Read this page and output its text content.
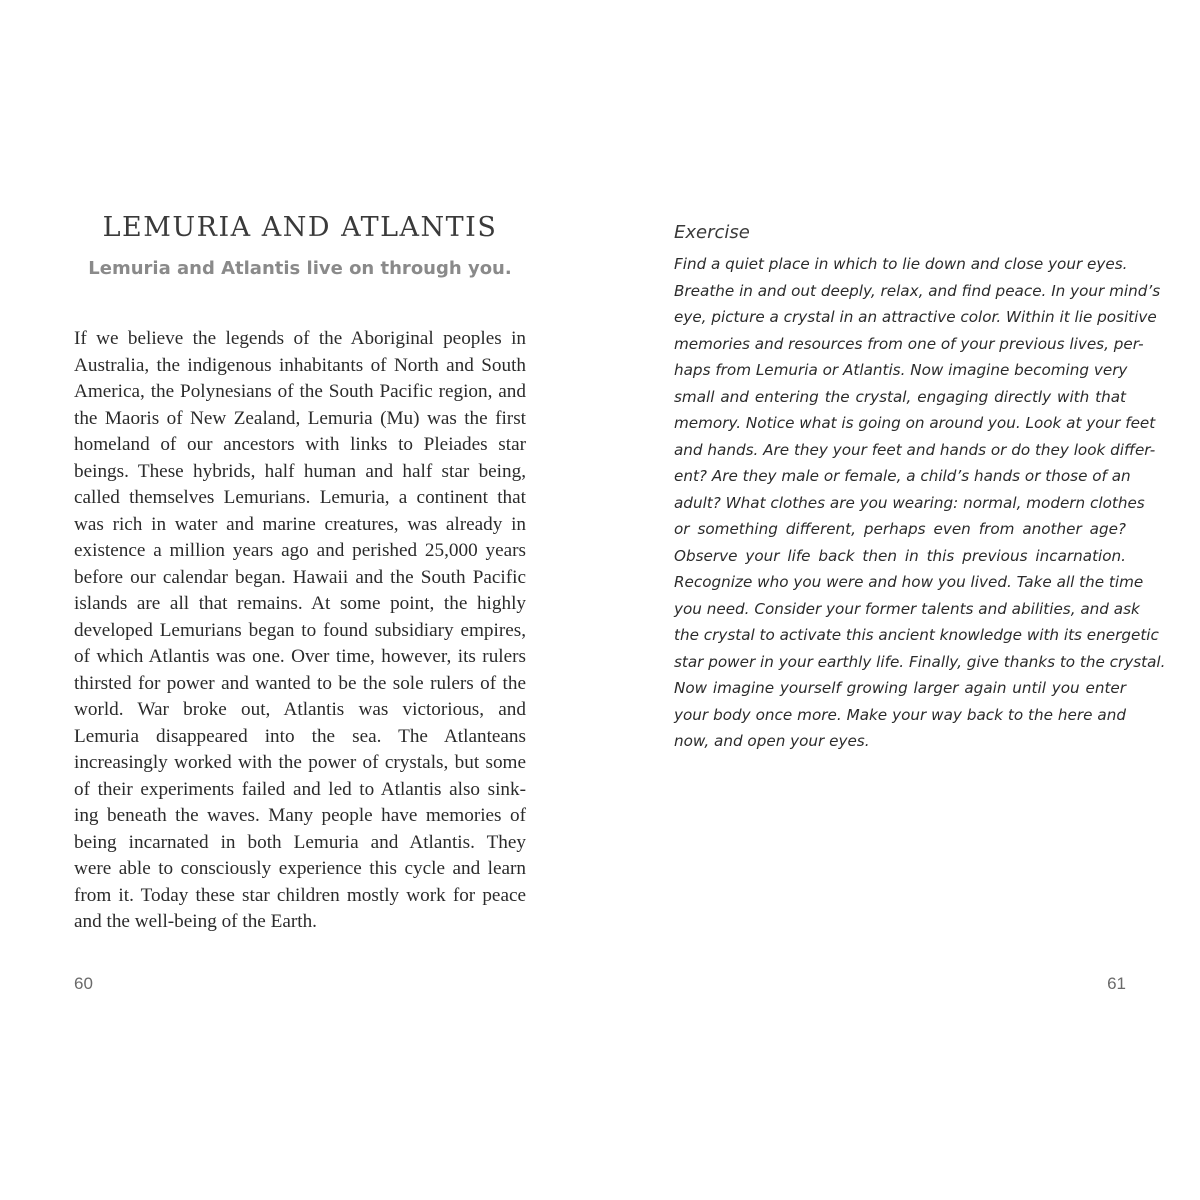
LEMURIA AND ATLANTIS

Lemuria and Atlantis live on through you.

If we believe the legends of the Aboriginal peoples in
Australia, the indigenous inhabitants of North and South
America, the Polynesians of the South Pacific region, and
the Maoris of New Zealand, Lemuria (Mu) was the first
homeland of our ancestors with links to Pleiades star
beings. These hybrids, half human and half star being,
called themselves Lemurians. Lemuria, a continent that
was rich in water and marine creatures, was already in
existence a million years ago and perished 25,000 years
before our calendar began. Hawaii and the South Pacific
islands are all that remains. At some point, the highly
developed Lemurians began to found subsidiary empires,
of which Atlantis was one. Over time, however, its rulers
thirsted for power and wanted to be the sole rulers of the
world. War broke out, Atlantis was victorious, and
Lemuria disappeared into the sea. The Atlanteans
increasingly worked with the power of crystals, but some
of their experiments failed and led to Atlantis also sink-
ing beneath the waves. Many people have memories of
being incarnated in both Lemuria and Atlantis. They
were able to consciously experience this cycle and learn
from it. Today these star children mostly work for peace
and the well-being of the Earth.

60

Exercise
Find a quiet place in which to lie down and close your eyes.
Breathe in and out deeply, relax, and find peace. In your mind’s
eye, picture a crystal in an attractive color. Within it lie positive
memories and resources from one of your previous lives, per-
haps from Lemuria or Atlantis. Now imagine becoming very
small and entering the crystal, engaging directly with that
memory. Notice what is going on around you. Look at your feet
and hands. Are they your feet and hands or do they look differ-
ent? Are they male or female, a child’s hands or those of an
adult? What clothes are you wearing: normal, modern clothes
or something different, perhaps even from another age?
Observe your life back then in this previous incarnation.
Recognize who you were and how you lived. Take all the time
you need. Consider your former talents and abilities, and ask
the crystal to activate this ancient knowledge with its energetic
star power in your earthly life. Finally, give thanks to the crystal.
Now imagine yourself growing larger again until you enter
your body once more. Make your way back to the here and
now, and open your eyes.

61
